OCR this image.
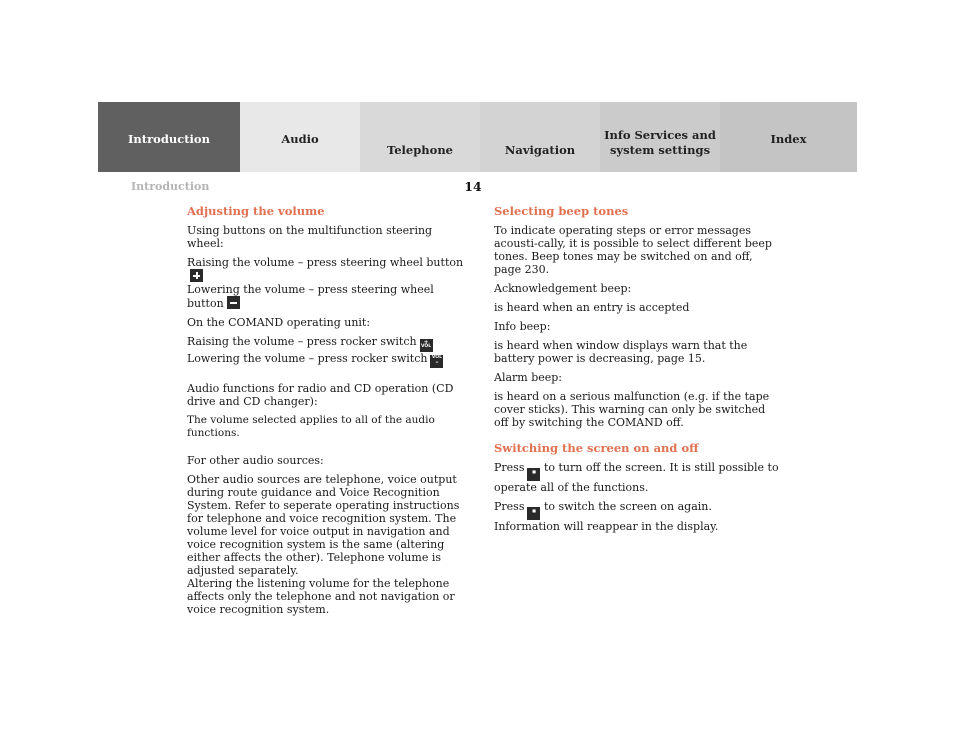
Introduction	Audio
Telephone	Navigation
Info Services and
system settings
Index
Introduction	14
Adjusting the volume

Using buttons on the multifunction steering wheel:

Raising the volume – press steering wheel button
Lowering the volume – press steering wheel
button

On the COMAND operating unit:

Raising the volume – press rocker switch	+
VOL
Lowering the volume – press rocker switch VOL
–

Audio functions for radio and CD operation (CD drive and CD changer):

The volume selected applies to all of the audio functions.

For other audio sources:

Other audio sources are telephone, voice output during route guidance and Voice Recognition System. Refer to seperate operating instructions for telephone and voice recognition system. The volume level for voice output in navigation and voice recognition system is the same (altering either affects the other). Telephone volume is adjusted separately.

Altering the listening volume for the telephone affects only the telephone and not navigation or voice recognition system.

Selecting beep tones

To indicate operating steps or error messages acousti-cally, it is possible to select different beep tones. Beep tones may be switched on and off, page 230.

Acknowledgement beep:

is heard when an entry is accepted

Info beep:

is heard when window displays warn that the battery power is decreasing, page 15.

Alarm beep:

is heard on a serious malfunction (e.g. if the tape cover sticks). This warning can only be switched off by switching the COMAND off.

Switching the screen on and off

Press ■ to turn off the screen. It is still possible to operate all of the functions.

Press ■ to switch the screen on again. Information will reappear in the display.
